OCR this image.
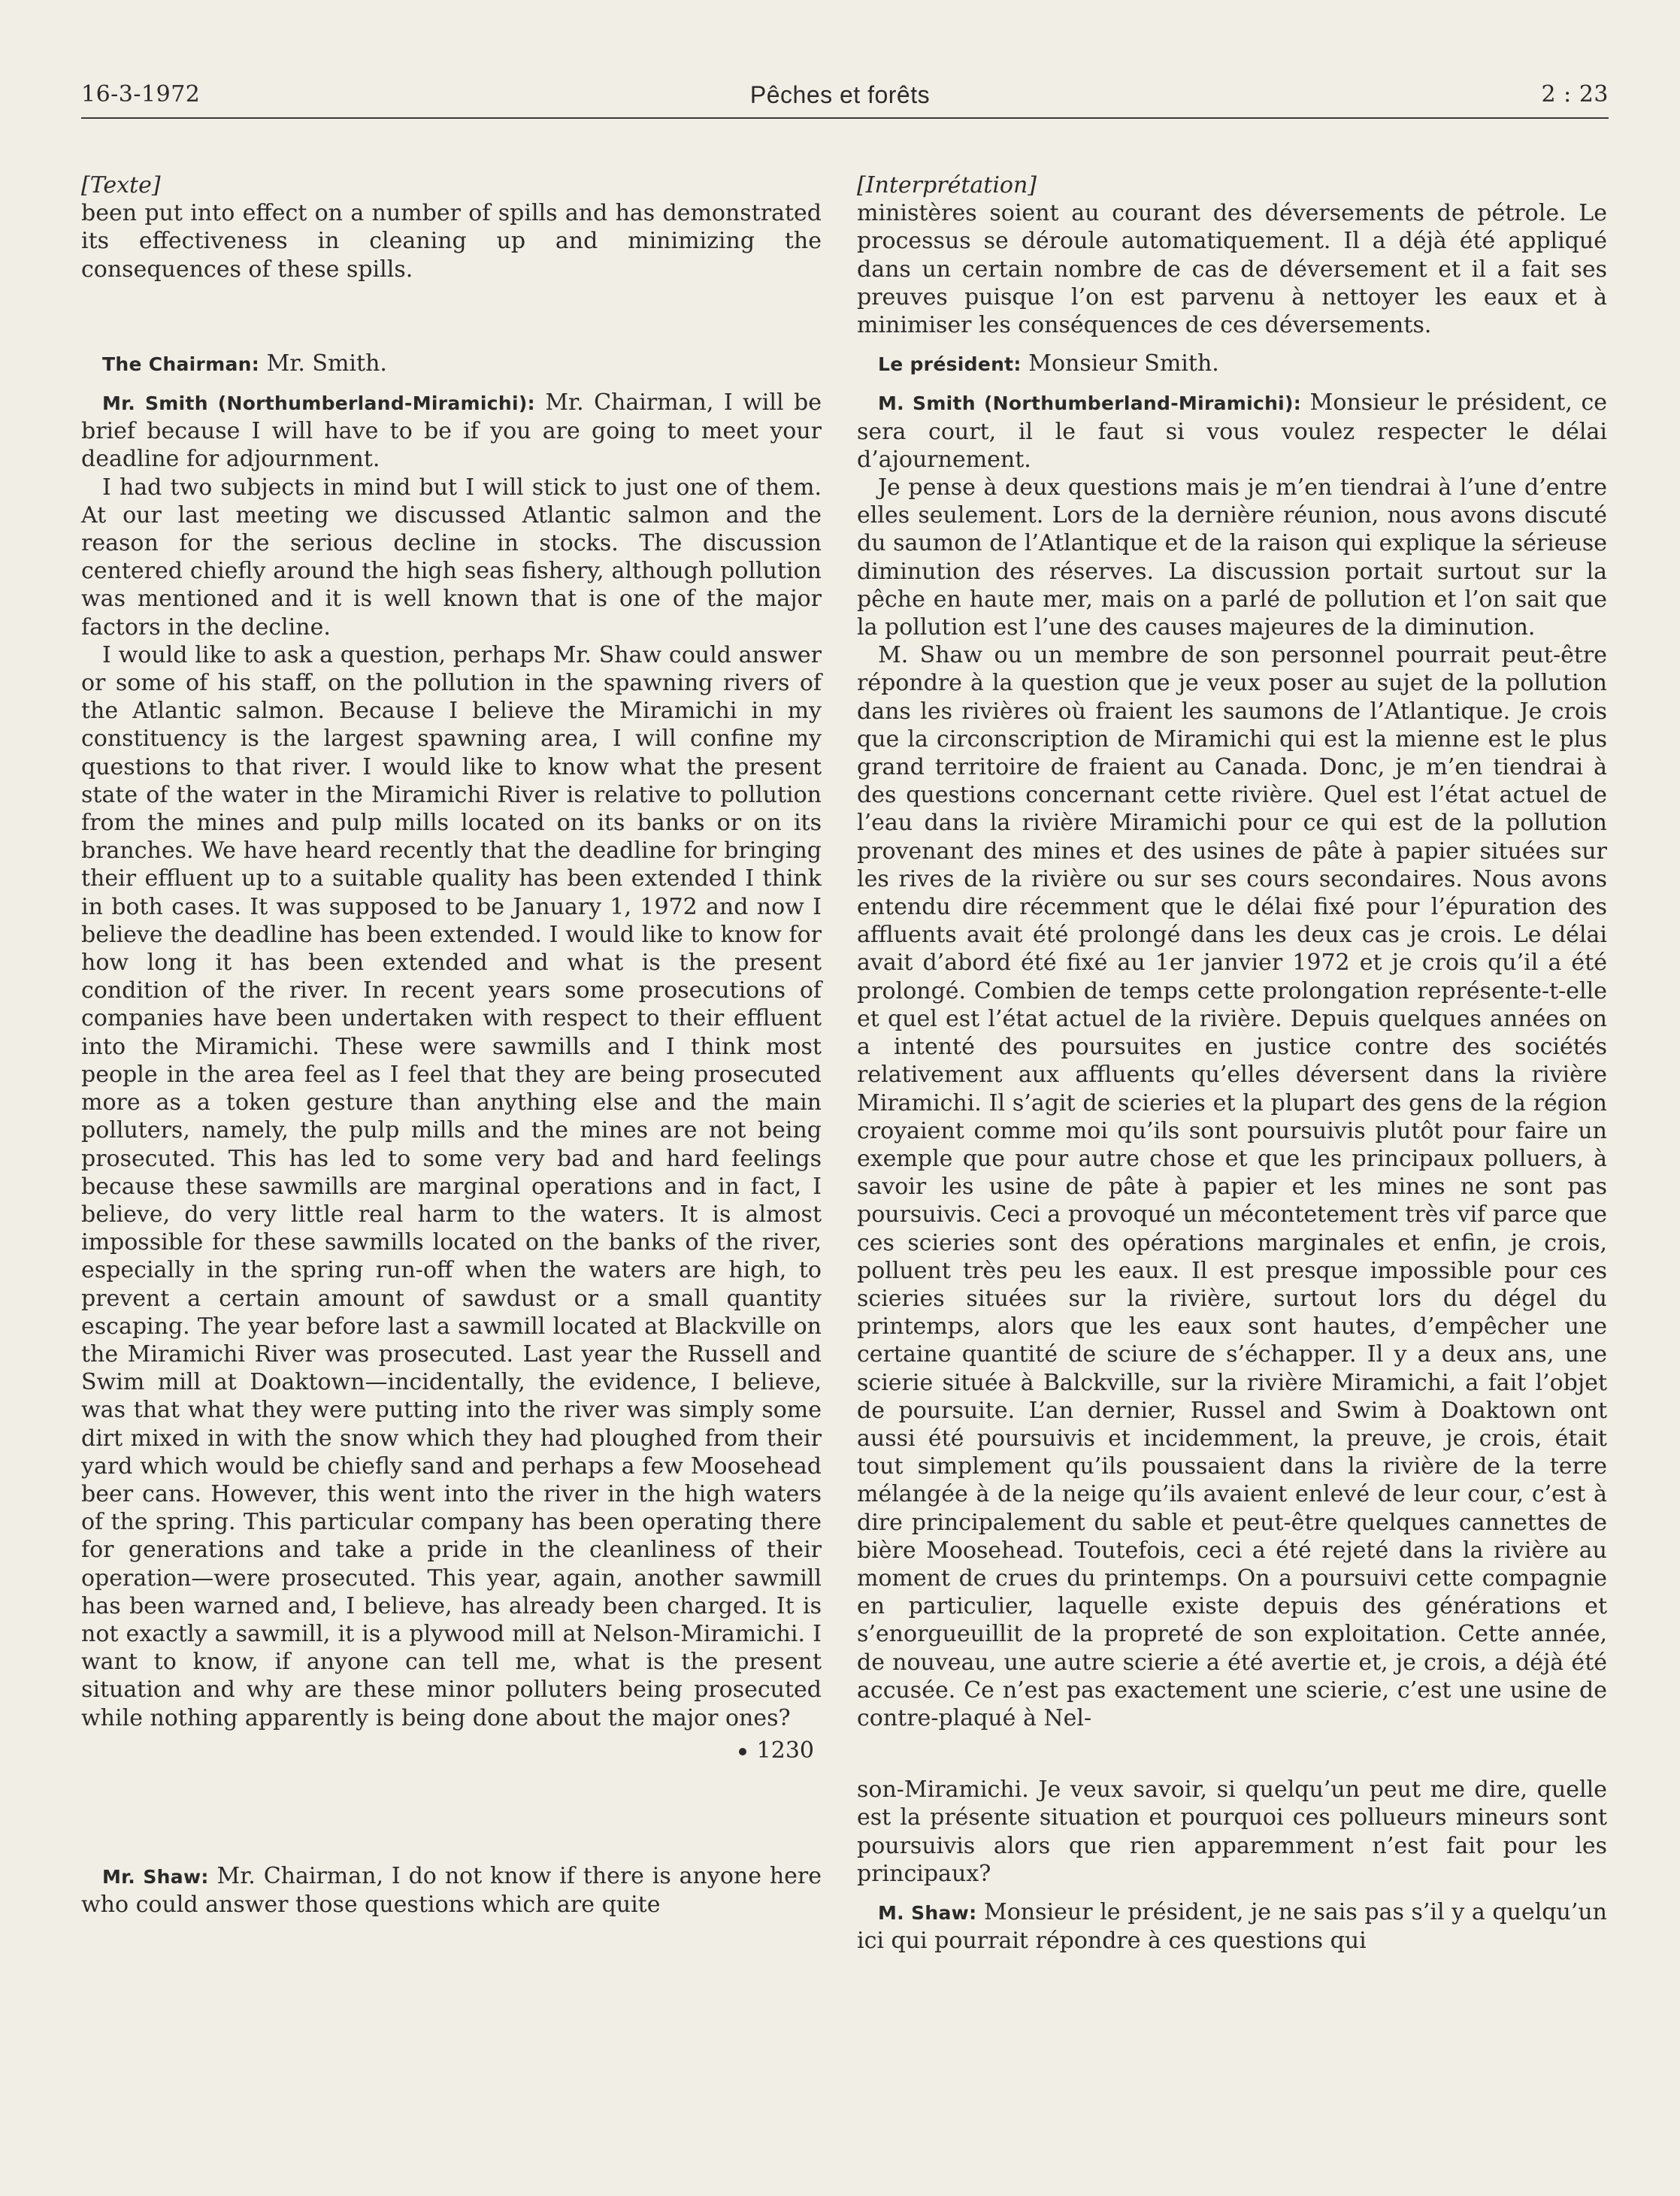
16-3-1972	Pêches et forêts	2 : 23

[Texte]

been put into effect on a number of spills and has demonstrated its effectiveness in cleaning up and minimizing the consequences of these spills.

The Chairman: Mr. Smith.

Mr. Smith (Northumberland-Miramichi): Mr. Chairman, I will be brief because I will have to be if you are going to meet your deadline for adjournment.

I had two subjects in mind but I will stick to just one of them. At our last meeting we discussed Atlantic salmon and the reason for the serious decline in stocks. The discussion centered chiefly around the high seas fishery, although pollution was mentioned and it is well known that is one of the major factors in the decline.

I would like to ask a question, perhaps Mr. Shaw could answer or some of his staff, on the pollution in the spawning rivers of the Atlantic salmon. Because I believe the Miramichi in my constituency is the largest spawning area, I will confine my questions to that river. I would like to know what the present state of the water in the Miramichi River is relative to pollution from the mines and pulp mills located on its banks or on its branches. We have heard recently that the deadline for bringing their effluent up to a suitable quality has been extended I think in both cases. It was supposed to be January 1, 1972 and now I believe the deadline has been extended. I would like to know for how long it has been extended and what is the present condition of the river. In recent years some prosecutions of companies have been undertaken with respect to their effluent into the Miramichi. These were sawmills and I think most people in the area feel as I feel that they are being prosecuted more as a token gesture than anything else and the main polluters, namely, the pulp mills and the mines are not being prosecuted. This has led to some very bad and hard feelings because these sawmills are marginal operations and in fact, I believe, do very little real harm to the waters. It is almost impossible for these sawmills located on the banks of the river, especially in the spring run-off when the waters are high, to prevent a certain amount of sawdust or a small quantity escaping. The year before last a sawmill located at Blackville on the Miramichi River was prosecuted. Last year the Russell and Swim mill at Doaktown—incidentally, the evidence, I believe, was that what they were putting into the river was simply some dirt mixed in with the snow which they had ploughed from their yard which would be chiefly sand and perhaps a few Moosehead beer cans. However, this went into the river in the high waters of the spring. This particular company has been operating there for generations and take a pride in the cleanliness of their operation—were prosecuted. This year, again, another sawmill has been warned and, I believe, has already been charged. It is not exactly a sawmill, it is a plywood mill at Nelson-Miramichi. I want to know, if anyone can tell me, what is the present situation and why are these minor polluters being prosecuted while nothing apparently is being done about the major ones?

1230

Mr. Shaw: Mr. Chairman, I do not know if there is anyone here who could answer those questions which are quite

[Interprétation]

ministères soient au courant des déversements de pétrole. Le processus se déroule automatiquement. Il a déjà été appliqué dans un certain nombre de cas de déversement et il a fait ses preuves puisque l’on est parvenu à nettoyer les eaux et à minimiser les conséquences de ces déversements.

Le président: Monsieur Smith.

M. Smith (Northumberland-Miramichi): Monsieur le président, ce sera court, il le faut si vous voulez respecter le délai d’ajournement.

Je pense à deux questions mais je m’en tiendrai à l’une d’entre elles seulement. Lors de la dernière réunion, nous avons discuté du saumon de l’Atlantique et de la raison qui explique la sérieuse diminution des réserves. La discussion portait surtout sur la pêche en haute mer, mais on a parlé de pollution et l’on sait que la pollution est l’une des causes majeures de la diminution.

M. Shaw ou un membre de son personnel pourrait peut-être répondre à la question que je veux poser au sujet de la pollution dans les rivières où fraient les saumons de l’Atlantique. Je crois que la circonscription de Miramichi qui est la mienne est le plus grand territoire de fraient au Canada. Donc, je m’en tiendrai à des questions concernant cette rivière. Quel est l’état actuel de l’eau dans la rivière Miramichi pour ce qui est de la pollution provenant des mines et des usines de pâte à papier situées sur les rives de la rivière ou sur ses cours secondaires. Nous avons entendu dire récemment que le délai fixé pour l’épuration des affluents avait été prolongé dans les deux cas je crois. Le délai avait d’abord été fixé au 1er janvier 1972 et je crois qu’il a été prolongé. Combien de temps cette prolongation représente-t-elle et quel est l’état actuel de la rivière. Depuis quelques années on a intenté des poursuites en justice contre des sociétés relativement aux affluents qu’elles déversent dans la rivière Miramichi. Il s’agit de scieries et la plupart des gens de la région croyaient comme moi qu’ils sont poursuivis plutôt pour faire un exemple que pour autre chose et que les principaux polluers, à savoir les usine de pâte à papier et les mines ne sont pas poursuivis. Ceci a provoqué un mécontetement très vif parce que ces scieries sont des opérations marginales et enfin, je crois, polluent très peu les eaux. Il est presque impossible pour ces scieries situées sur la rivière, surtout lors du dégel du printemps, alors que les eaux sont hautes, d’empêcher une certaine quantité de sciure de s’échapper. Il y a deux ans, une scierie située à Balckville, sur la rivière Miramichi, a fait l’objet de poursuite. L’an dernier, Russel and Swim à Doaktown ont aussi été poursuivis et incidemment, la preuve, je crois, était tout simplement qu’ils poussaient dans la rivière de la terre mélangée à de la neige qu’ils avaient enlevé de leur cour, c’est à dire principalement du sable et peut-être quelques cannettes de bière Moosehead. Toutefois, ceci a été rejeté dans la rivière au moment de crues du printemps. On a poursuivi cette compagnie en particulier, laquelle existe depuis des générations et s’enorgueuillit de la propreté de son exploitation. Cette année, de nouveau, une autre scierie a été avertie et, je crois, a déjà été accusée. Ce n’est pas exactement une scierie, c’est une usine de contre-plaqué à Nel-

son-Miramichi. Je veux savoir, si quelqu’un peut me dire, quelle est la présente situation et pourquoi ces pollueurs mineurs sont poursuivis alors que rien apparemment n’est fait pour les principaux?

M. Shaw: Monsieur le président, je ne sais pas s’il y a quelqu’un ici qui pourrait répondre à ces questions qui
